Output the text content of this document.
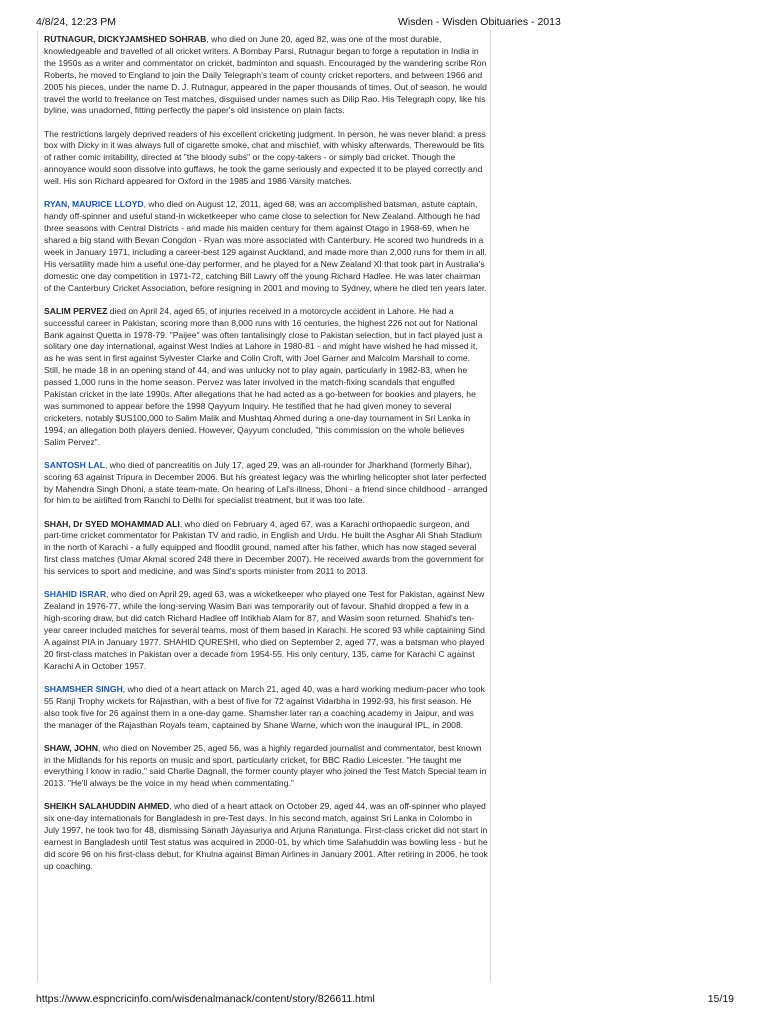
4/8/24, 12:23 PM	Wisden - Wisden Obituaries - 2013

RUTNAGUR, DICKYJAMSHED SOHRAB, who died on June 20, aged 82, was one of the most durable, knowledgeable and travelled of all cricket writers. A Bombay Parsi, Rutnagur began to forge a reputation in India in the 1950s as a writer and commentator on cricket, badminton and squash. Encouraged by the wandering scribe Ron Roberts, he moved to England to join the Daily Telegraph's team of county cricket reporters, and between 1966 and 2005 his pieces, under the name D. J. Rutnagur, appeared in the paper thousands of times. Out of season, he would travel the world to freelance on Test matches, disguised under names such as Dilip Rao. His Telegraph copy, like his byline, was unadorned, fitting perfectly the paper's old insistence on plain facts.

The restrictions largely deprived readers of his excellent cricketing judgment. In person, he was never bland: a press box with Dicky in it was always full of cigarette smoke, chat and mischief, with whisky afterwards. Therewould be fits of rather comic irritability, directed at "the bloody subs" or the copy-takers - or simply bad cricket. Though the annoyance would soon dissolve into guffaws, he took the game seriously and expected it to be played correctly and well. His son Richard appeared for Oxford in the 1985 and 1986 Varsity matches.

RYAN, MAURICE LLOYD, who died on August 12, 2011, aged 68, was an accomplished batsman, astute captain, handy off-spinner and useful stand-in wicketkeeper who came close to selection for New Zealand. Although he had three seasons with Central Districts - and made his maiden century for them against Otago in 1968-69, when he shared a big stand with Bevan Congdon - Ryan was more associated with Canterbury. He scored two hundreds in a week in January 1971, including a career-best 129 against Auckland, and made more than 2,000 runs for them in all. His versatility made him a useful one-day performer, and he played for a New Zealand XI that took part in Australia's domestic one day competition in 1971-72, catching Bill Lawry off the young Richard Hadlee. He was later chairman of the Canterbury Cricket Association, before resigning in 2001 and moving to Sydney, where he died ten years later.

SALIM PERVEZ died on April 24, aged 65, of injuries received in a motorcycle accident in Lahore. He had a successful career in Pakistan, scoring more than 8,000 runs with 16 centuries, the highest 226 not out for National Bank against Quetta in 1978-79. "Paijee" was often tantalisingly close to Pakistan selection, but in fact played just a solitary one day international, against West Indies at Lahore in 1980-81 - and might have wished he had missed it, as he was sent in first against Sylvester Clarke and Colin Croft, with Joel Garner and Malcolm Marshall to come. Still, he made 18 in an opening stand of 44, and was unlucky not to play again, particularly in 1982-83, when he passed 1,000 runs in the home season. Pervez was later involved in the match-fixing scandals that engulfed Pakistan cricket in the late 1990s. After allegations that he had acted as a go-between for bookies and players, he was summoned to appear before the 1998 Qayyum Inquiry. He testified that he had given money to several cricketers, notably $US100,000 to Salim Malik and Mushtaq Ahmed during a one-day tournament in Sri Lanka in 1994, an allegation both players denied. However, Qayyum concluded, "this commission on the whole believes Salim Pervez".

SANTOSH LAL, who died of pancreatitis on July 17, aged 29, was an all-rounder for Jharkhand (formerly Bihar), scoring 63 against Tripura in December 2006. But his greatest legacy was the whirling helicopter shot later perfected by Mahendra Singh Dhoni, a state team-mate. On hearing of Lal's illness, Dhoni - a friend since childhood - arranged for him to be airlifted from Ranchi to Delhi for specialist treatment, but it was too late.

SHAH, Dr SYED MOHAMMAD ALI, who died on February 4, aged 67, was a Karachi orthopaedic surgeon, and part-time cricket commentator for Pakistan TV and radio, in English and Urdu. He built the Asghar Ali Shah Stadium in the north of Karachi - a fully equipped and floodlit ground, named after his father, which has now staged several first class matches (Umar Akmal scored 248 there in December 2007). He received awards from the government for his services to sport and medicine, and was Sind's sports minister from 2011 to 2013.

SHAHID ISRAR, who died on April 29, aged 63, was a wicketkeeper who played one Test for Pakistan, against New Zealand in 1976-77, while the long-serving Wasim Bari was temporarily out of favour. Shahid dropped a few in a high-scoring draw, but did catch Richard Hadlee off Intikhab Alam for 87, and Wasim soon returned. Shahid's ten-year career included matches for several teams, most of them based in Karachi. He scored 93 while captaining Sind A against PIA in January 1977. SHAHID QURESHI, who died on September 2, aged 77, was a batsman who played 20 first-class matches in Pakistan over a decade from 1954-55. His only century, 135, came for Karachi C against Karachi A in October 1957.

SHAMSHER SINGH, who died of a heart attack on March 21, aged 40, was a hard working medium-pacer who took 55 Ranji Trophy wickets for Rajasthan, with a best of five for 72 against Vidarbha in 1992-93, his first season. He also took five for 26 against them in a one-day game. Shamsher later ran a coaching academy in Jaipur, and was the manager of the Rajasthan Royals team, captained by Shane Warne, which won the inaugural IPL, in 2008.

SHAW, JOHN, who died on November 25, aged 56, was a highly regarded journalist and commentator, best known in the Midlands for his reports on music and sport, particularly cricket, for BBC Radio Leicester. "He taught me everything I know in radio," said Charlie Dagnall, the former county player who joined the Test Match Special team in 2013. "He'll always be the voice in my head when commentating."

SHEIKH SALAHUDDIN AHMED, who died of a heart attack on October 29, aged 44, was an off-spinner who played six one-day internationals for Bangladesh in pre-Test days. In his second match, against Sri Lanka in Colombo in July 1997, he took two for 48, dismissing Sanath Jayasuriya and Arjuna Ranatunga. First-class cricket did not start in earnest in Bangladesh until Test status was acquired in 2000-01, by which time Salahuddin was bowling less - but he did score 96 on his first-class debut, for Khulna against Biman Airlines in January 2001. After retiring in 2006, he took up coaching.

https://www.espncricinfo.com/wisdenalmanack/content/story/826611.html	15/19
